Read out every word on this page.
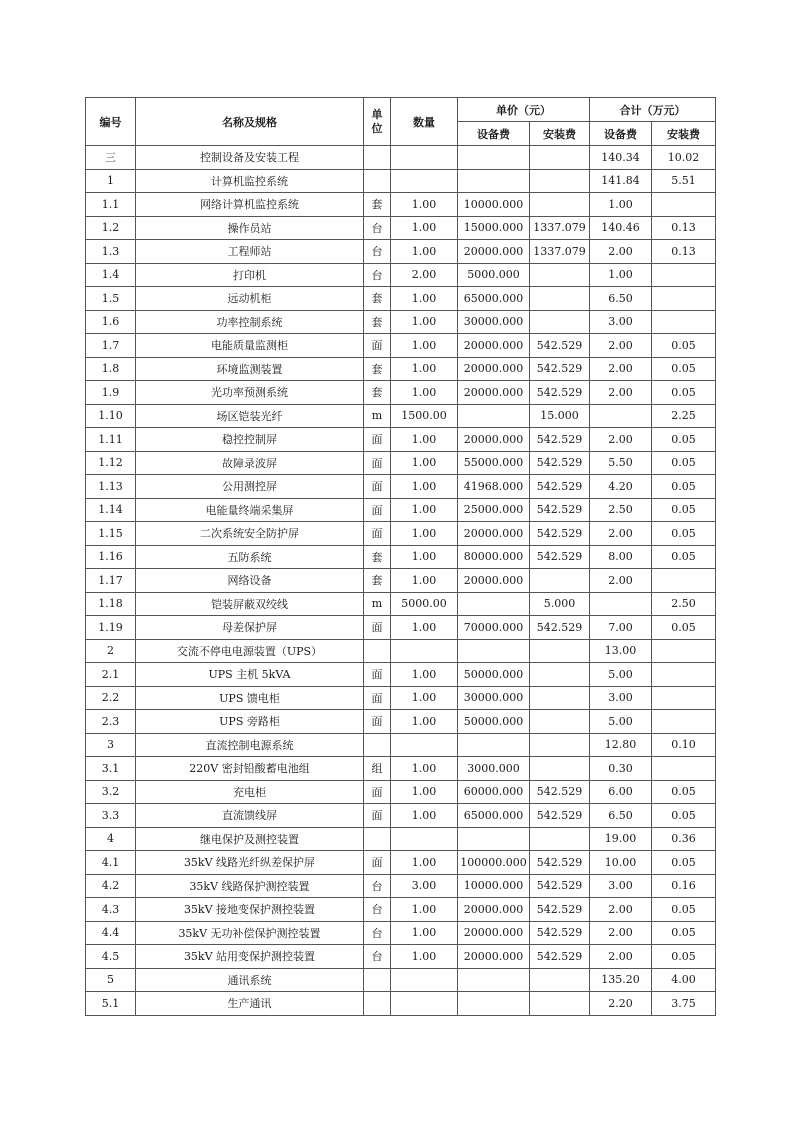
编号	名称及规格	单位	数量	单价（元）		合计（万元）	
				设备费	安装费	设备费	安装费
三	控制设备及安装工程					140.34	10.02
1	计算机监控系统					141.84	5.51
1.1	网络计算机监控系统	套	1.00	10000.000		1.00	
1.2	操作员站	台	1.00	15000.000	1337.079	140.46	0.13
1.3	工程师站	台	1.00	20000.000	1337.079	2.00	0.13
1.4	打印机	台	2.00	5000.000		1.00	
1.5	远动机柜	套	1.00	65000.000		6.50	
1.6	功率控制系统	套	1.00	30000.000		3.00	
1.7	电能质量监测柜	面	1.00	20000.000	542.529	2.00	0.05
1.8	环境监测装置	套	1.00	20000.000	542.529	2.00	0.05
1.9	光功率预测系统	套	1.00	20000.000	542.529	2.00	0.05
1.10	场区铠装光纤	m	1500.00		15.000		2.25
1.11	稳控控制屏	面	1.00	20000.000	542.529	2.00	0.05
1.12	故障录波屏	面	1.00	55000.000	542.529	5.50	0.05
1.13	公用测控屏	面	1.00	41968.000	542.529	4.20	0.05
1.14	电能量终端采集屏	面	1.00	25000.000	542.529	2.50	0.05
1.15	二次系统安全防护屏	面	1.00	20000.000	542.529	2.00	0.05
1.16	五防系统	套	1.00	80000.000	542.529	8.00	0.05
1.17	网络设备	套	1.00	20000.000		2.00	
1.18	铠装屏蔽双绞线	m	5000.00		5.000		2.50
1.19	母差保护屏	面	1.00	70000.000	542.529	7.00	0.05
2	交流不停电电源装置（UPS）					13.00	
2.1	UPS 主机 5kVA	面	1.00	50000.000		5.00	
2.2	UPS 馈电柜	面	1.00	30000.000		3.00	
2.3	UPS 旁路柜	面	1.00	50000.000		5.00	
3	直流控制电源系统					12.80	0.10
3.1	220V 密封铅酸蓄电池组	组	1.00	3000.000		0.30	
3.2	充电柜	面	1.00	60000.000	542.529	6.00	0.05
3.3	直流馈线屏	面	1.00	65000.000	542.529	6.50	0.05
4	继电保护及测控装置					19.00	0.36
4.1	35kV 线路光纤纵差保护屏	面	1.00	100000.000	542.529	10.00	0.05
4.2	35kV 线路保护测控装置	台	3.00	10000.000	542.529	3.00	0.16
4.3	35kV 接地变保护测控装置	台	1.00	20000.000	542.529	2.00	0.05
4.4	35kV 无功补偿保护测控装置	台	1.00	20000.000	542.529	2.00	0.05
4.5	35kV 站用变保护测控装置	台	1.00	20000.000	542.529	2.00	0.05
5	通讯系统					135.20	4.00
5.1	生产通讯					2.20	3.75
